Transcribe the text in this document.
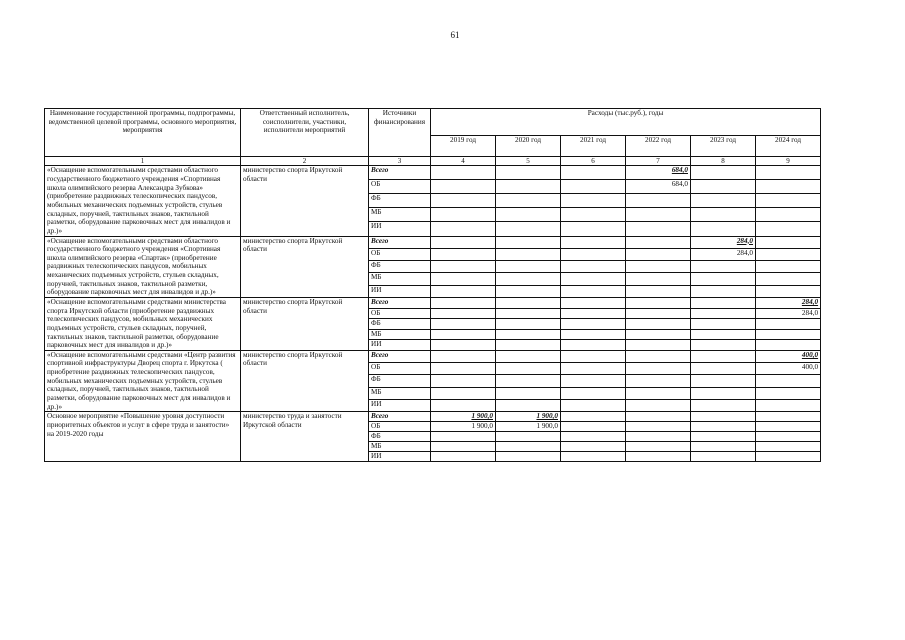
61
Наименование государственной программы, подпрограммы, ведомственной целевой программы, основного мероприятия, мероприятия	Ответственный исполнитель, соисполнители, участники, исполнители мероприятий	Источники финансирования	Расходы (тыс.руб.), годы					
			2019 год	2020 год	2021 год	2022 год	2023 год	2024 год
1	2	3	4	5	6	7	8	9
«Оснащение вспомогательными средствами областного государственного бюджетного учреждения «Спортивная школа олимпийского резерва Александра Зубкова» (приобретение раздвижных телескопических пандусов, мобильных механических подъемных устройств, стульев складных, поручней, тактильных знаков, тактильной разметки, оборудование парковочных мест для инвалидов и др.)»	министерство спорта Иркутской области	Всего				684,0		
		ОБ				684,0		
		ФБ						
		МБ						
		ИИ						
«Оснащение вспомогательными средствами областного государственного бюджетного учреждения «Спортивная школа олимпийского резерва «Спартак» (приобретение раздвижных телескопических пандусов, мобильных механических подъемных устройств, стульев складных, поручней, тактильных знаков, тактильной разметки, оборудование парковочных мест для инвалидов и др.)»	министерство спорта Иркутской области	Всего					284,0	
		ОБ					284,0	
		ФБ						
		МБ						
		ИИ						
«Оснащение вспомогательными средствами министерства спорта Иркутской области (приобретение раздвижных телескопических пандусов, мобильных механических подъемных устройств, стульев складных, поручней, тактильных знаков, тактильной разметки, оборудование парковочных мест для инвалидов и др.)»	министерство спорта Иркутской области	Всего						284,0
		ОБ						284,0
		ФБ						
		МБ						
		ИИ						
«Оснащение вспомогательными средствами «Центр развития спортивной инфраструктуры Дворец спорта г. Иркутска ( приобретение раздвижных телескопических пандусов, мобильных механических подъемных устройств, стульев складных, поручней, тактильных знаков, тактильной разметки, оборудование парковочных мест для инвалидов и др.)»	министерство спорта Иркутской области	Всего						400,0
		ОБ						400,0
		ФБ						
		МБ						
		ИИ						
Основное мероприятие «Повышение уровня доступности приоритетных объектов и услуг в сфере труда и занятости» на 2019-2020 годы	министерство труда и занятости Иркутской области	Всего	1 900,0	1 900,0				
		ОБ	1 900,0	1 900,0				
		ФБ						
		МБ						
		ИИ						
